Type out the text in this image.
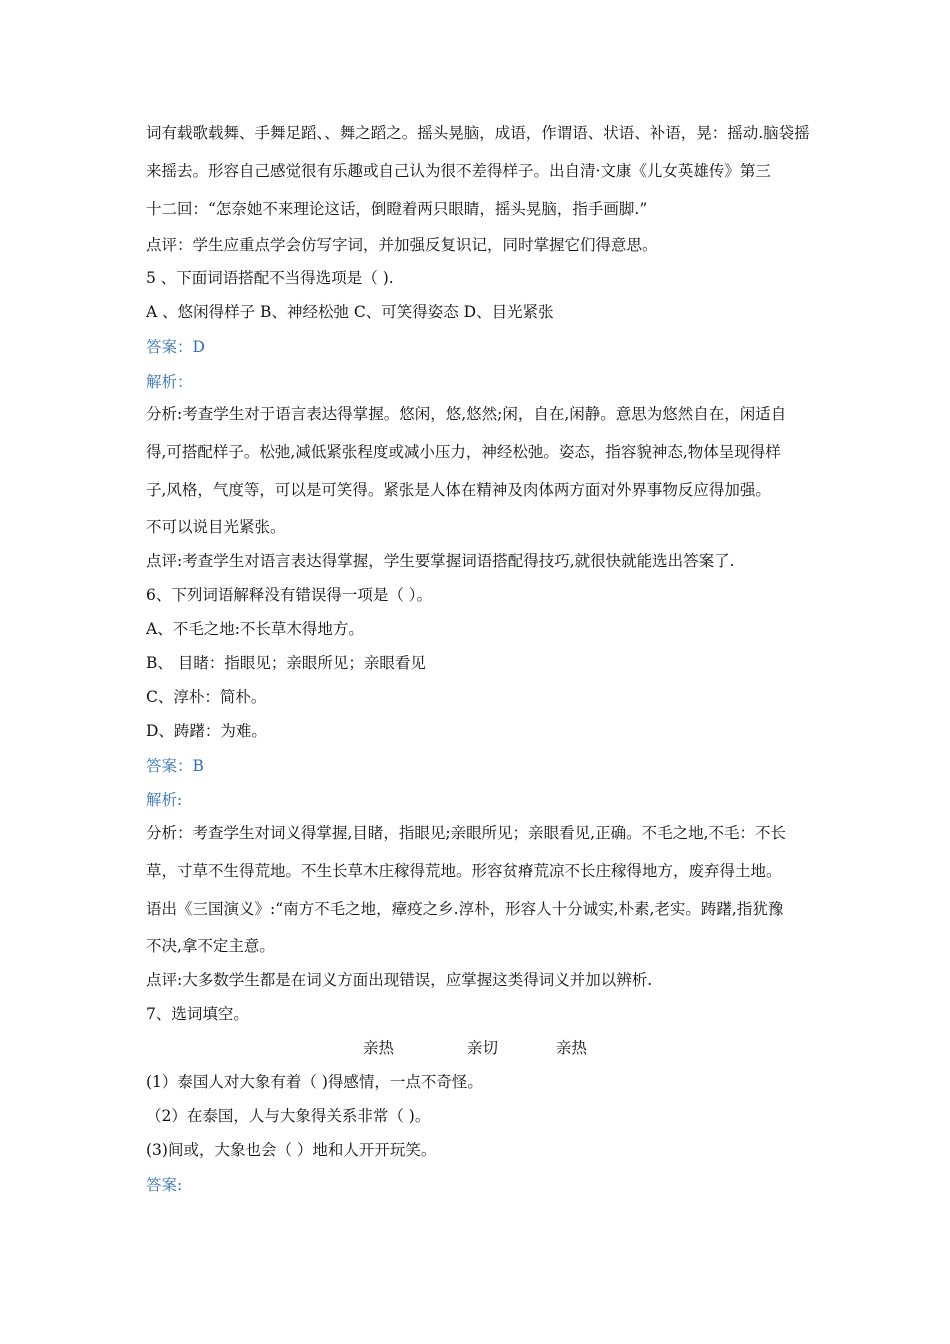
词有载歌载舞、手舞足蹈、、舞之蹈之。摇头晃脑，成语，作谓语、状语、补语，晃：摇动.脑袋摇
来摇去。形容自己感觉很有乐趣或自己认为很不差得样子。出自清·文康《儿女英雄传》第三
十二回：“怎奈她不来理论这话，倒瞪着两只眼睛，摇头晃脑，指手画脚.”
点评：学生应重点学会仿写字词，并加强反复识记，同时掌握它们得意思。
5 、下面词语搭配不当得选项是（ ).
A 、悠闲得样子 B、神经松弛 C、可笑得姿态 D、目光紧张
答案：D
解析：
分析:考查学生对于语言表达得掌握。悠闲，悠,悠然;闲，自在,闲静。意思为悠然自在，闲适自
得,可搭配样子。松弛,减低紧张程度或减小压力，神经松弛。姿态，指容貌神态,物体呈现得样
子,风格，气度等，可以是可笑得。紧张是人体在精神及肉体两方面对外界事物反应得加强。
不可以说目光紧张。
点评:考查学生对语言表达得掌握，学生要掌握词语搭配得技巧,就很快就能选出答案了.
6、下列词语解释没有错误得一项是（ ）。
A、不毛之地:不长草木得地方。
B、 目睹：指眼见；亲眼所见；亲眼看见
C、淳朴：简朴。
D、踌躇：为难。
答案：B
解析:
分析：考查学生对词义得掌握,目睹，指眼见;亲眼所见；亲眼看见,正确。不毛之地,不毛：不长
草，寸草不生得荒地。不生长草木庄稼得荒地。形容贫瘠荒凉不长庄稼得地方，废弃得土地。
语出《三国演义》:“南方不毛之地，瘴疫之乡.淳朴，形容人十分诚实,朴素,老实。踌躇,指犹豫
不决,拿不定主意。
点评:大多数学生都是在词义方面出现错误，应掌握这类得词义并加以辨析.
7、选词填空。
亲热	亲切	亲热
(1）泰国人对大象有着（ )得感情，一点不奇怪。
（2）在泰国，人与大象得关系非常（ )。
(3)间或，大象也会（ ）地和人开开玩笑。
答案:
